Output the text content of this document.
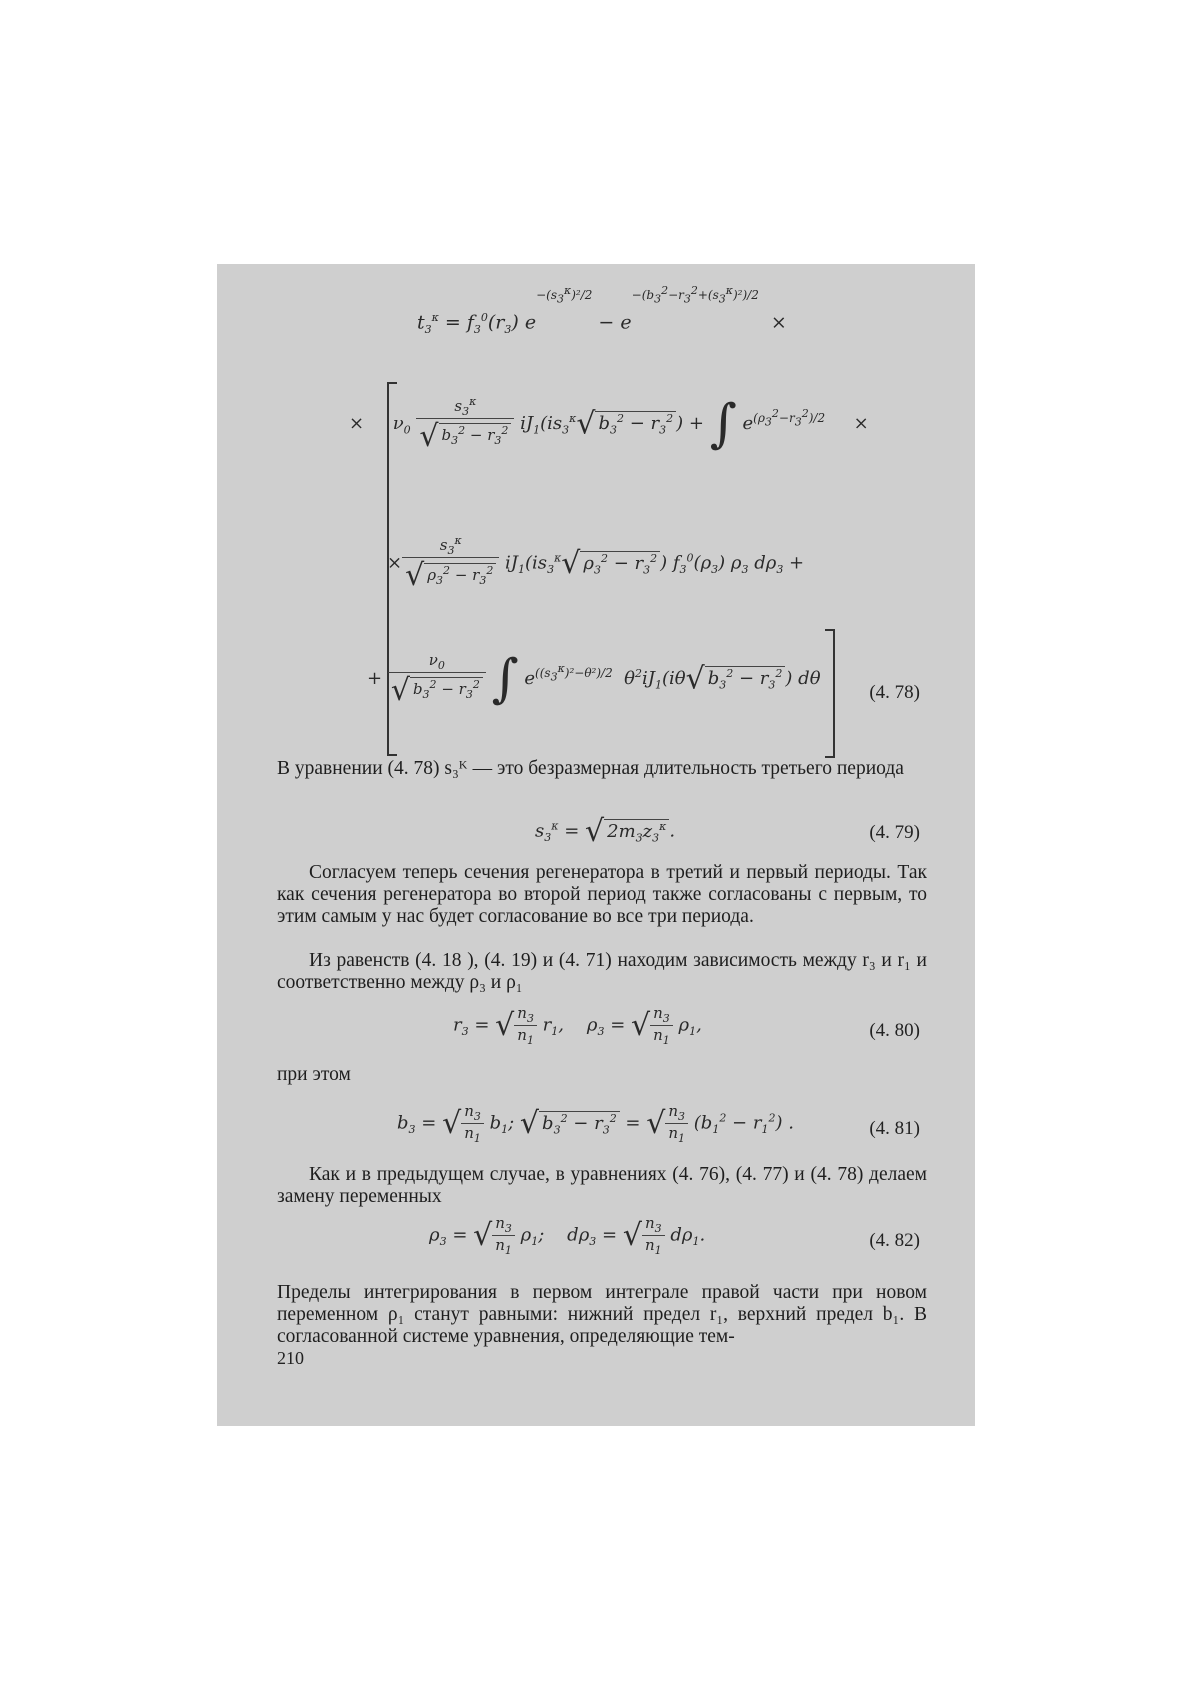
$t_3^\kappa = f_3^0(r_3) e^{-(s_3^\kappa)^2/2} - e^{-(b_3^2-r_3^2+(s_3^\kappa)^2)/2}$  ×
×     $\nu_0 \frac{s_3^\kappa}{√ b_3^2 - r_3^2} iJ_1(is_3^\kappa√$ $b_3^2 - r_3^2$ ) + ∫ $e^{(\rho_3^2-r_3^2)/2}$     ×
× $\frac{s_3^\kappa}{√ \rho_3^2 - r_3^2} iJ_1(is_3^\kappa√$ $\rho_3^2 - r_3^2$ ) $f_3^0(\rho_3)$ $\rho_3$ $d\rho_3$ +
+ $\frac{\nu_0}{√ b_3^2 - r_3^2}$ ∫ $e^{((s_3^\kappa)^2-\theta^2)/2}$  $\theta^2iJ_1(i\theta√$ $b_3^2 - r_3^2$ ) dθ
(4. 78)
В уравнении (4. 78) s₃ᴷ — это безразмерная длительность третьего периода
$s_3^\kappa$ = √ $2m_3z_3^\kappa$ .	(4. 79)
Согласуем теперь сечения регенератора в третий и первый периоды. Так как сечения регенератора во второй период также согласованы с первым, то этим самым у нас будет согласование во все три периода.
Из равенств (4. 18 ), (4. 19) и (4. 71) находим зависимость между r₃ и r₁ и соответственно между ρ₃ и ρ₁
$r_3$ = √ $\frac{n_3}{n_1} r_1$,    $\rho_3$ = √ $\frac{n_3}{n_1} \rho_1$,	(4. 80)
при этом
$b_3$ = √ $\frac{n_3}{n_1} b_1$; √ $b_3^2 - r_3^2$ = √ $\frac{n_3}{n_1} (b_1^2 - r_1^2)$ .	(4. 81)
Как и в предыдущем случае, в уравнениях (4. 76), (4. 77) и (4. 78) делаем замену переменных
$\rho_3$ = √ $\frac{n_3}{n_1} \rho_1$;    $d\rho_3$ = √ $\frac{n_3}{n_1} d\rho_1$.	(4. 82)
Пределы интегрирования в первом интеграле правой части при новом переменном ρ₁ станут равными: нижний предел r₁, верхний предел b₁. В согласованной системе уравнения, определяющие тем-
210
